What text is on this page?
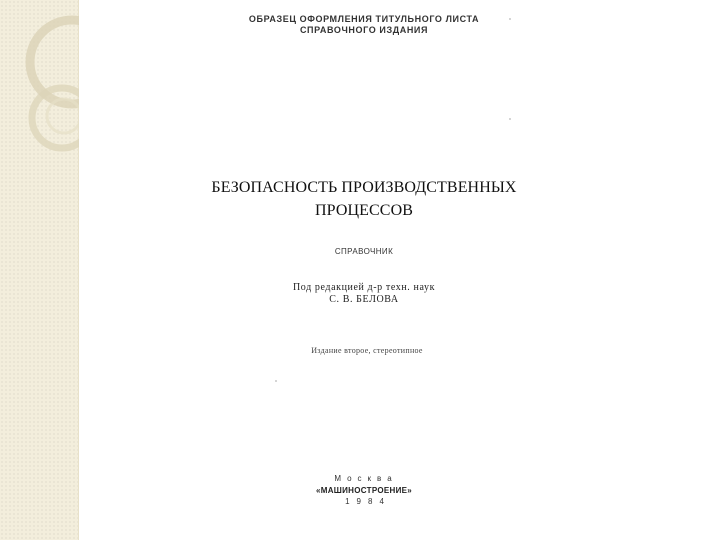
ОБРАЗЕЦ ОФОРМЛЕНИЯ ТИТУЛЬНОГО ЛИСТА
СПРАВОЧНОГО ИЗДАНИЯ
БЕЗОПАСНОСТЬ ПРОИЗВОДСТВЕННЫХ
ПРОЦЕССОВ
СПРАВОЧНИК
Под редакцией д-р техн. наук
С. В. БЕЛОВА
Издание второе, стереотипное
Москва
«МАШИНОСТРОЕНИЕ»
1984
